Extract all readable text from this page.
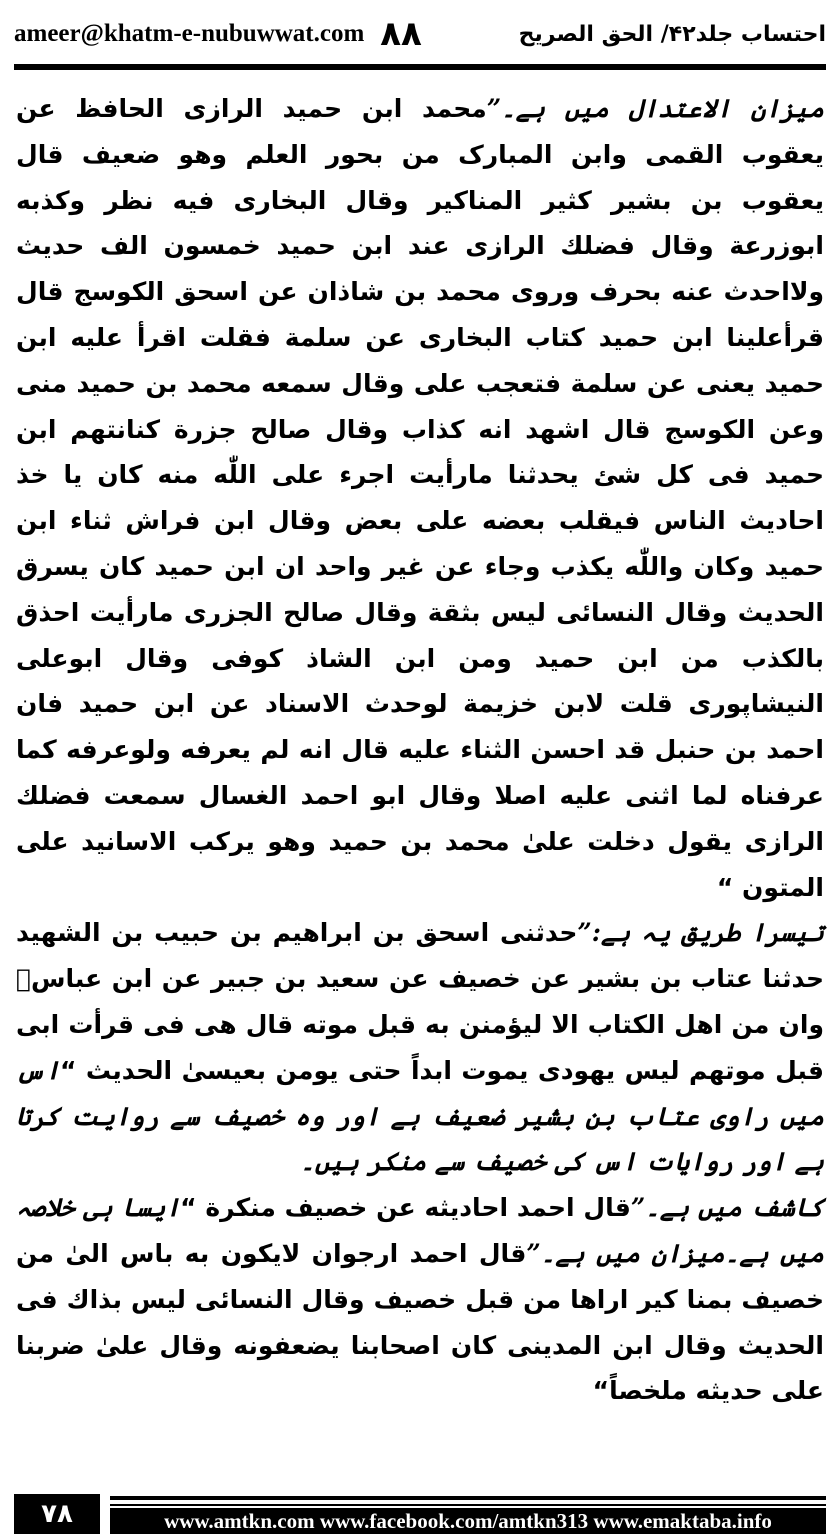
ameer@khatm-e-nubuwwat.com ۸۸	احتساب جلد۴۲/ الحق الصریح

میزان الاعتدال میں ہے۔”محمد ابن حمید الرازی الحافظ عن یعقوب القمی وابن المبارک من بحور العلم وھو ضعیف قال یعقوب بن بشیر کثیر المناکیر وقال البخاری فیه نظر وکذبه ابوزرعة وقال فضلك الرازی عند ابن حمید خمسون الف حدیث ولااحدث عنه بحرف وروی محمد بن شاذان عن اسحق الکوسج قال قرأعلینا ابن حمید کتاب البخاری عن سلمة فقلت اقرأ علیه ابن حمید یعنی عن سلمة فتعجب علی وقال سمعه محمد بن حمید منی وعن الکوسج قال اشھد انه کذاب وقال صالح جزرة کنانتھم ابن حمید فی کل شئ یحدثنا مارأیت اجرء علی اللّٰه منه کان یا خذ احادیث الناس فیقلب بعضه علی بعض وقال ابن فراش ثناء ابن حمید وکان واللّٰه یکذب وجاء عن غیر واحد ان ابن حمید کان یسرق الحدیث وقال النسائی لیس بثقة وقال صالح الجزری مارأیت احذق بالکذب من ابن حمید ومن ابن الشاذ کوفی وقال ابوعلی النیشاپوری قلت لابن خزیمة لوحدث الاسناد عن ابن حمید فان احمد بن حنبل قد احسن الثناء علیه قال انه لم یعرفه ولوعرفه کما عرفناه لما اثنی علیه اصلا وقال ابو احمد الغسال سمعت فضلك الرازی یقول دخلت علیٰ محمد بن حمید وھو یرکب الاسانید علی المتون “

تیسرا طریق یہ ہے:”حدثنی اسحق بن ابراھیم بن حبیب بن الشھید حدثنا عتاب بن بشیر عن خصیف عن سعید بن جبیر عن ابن عباسؓ وان من اھل الکتاب الا لیؤمنن به قبل موته قال ھی فی قرأت ابی قبل موتھم لیس یھودی یموت ابداً حتی یومن بعیسیٰ الحدیث “اس میں راوی عتاب بن بشیر ضعیف ہے اور وہ خصیف سے روایت کرتا ہے اور روایات اس کی خصیف سے منکر ہیں۔

کاشف میں ہے۔”قال احمد احادیثه عن خصیف منکرة “ایسا ہی خلاصہ میں ہے۔میزان میں ہے۔”قال احمد ارجوان لایکون به باس الیٰ من خصیف بمنا کیر اراھا من قبل خصیف وقال النسائی لیس بذاك فی الحدیث وقال ابن المدینی کان اصحابنا یضعفونه وقال علیٰ ضربنا علی حدیثه ملخصاً“

۷۸	www.amtkn.com www.facebook.com/amtkn313 www.emaktaba.info
